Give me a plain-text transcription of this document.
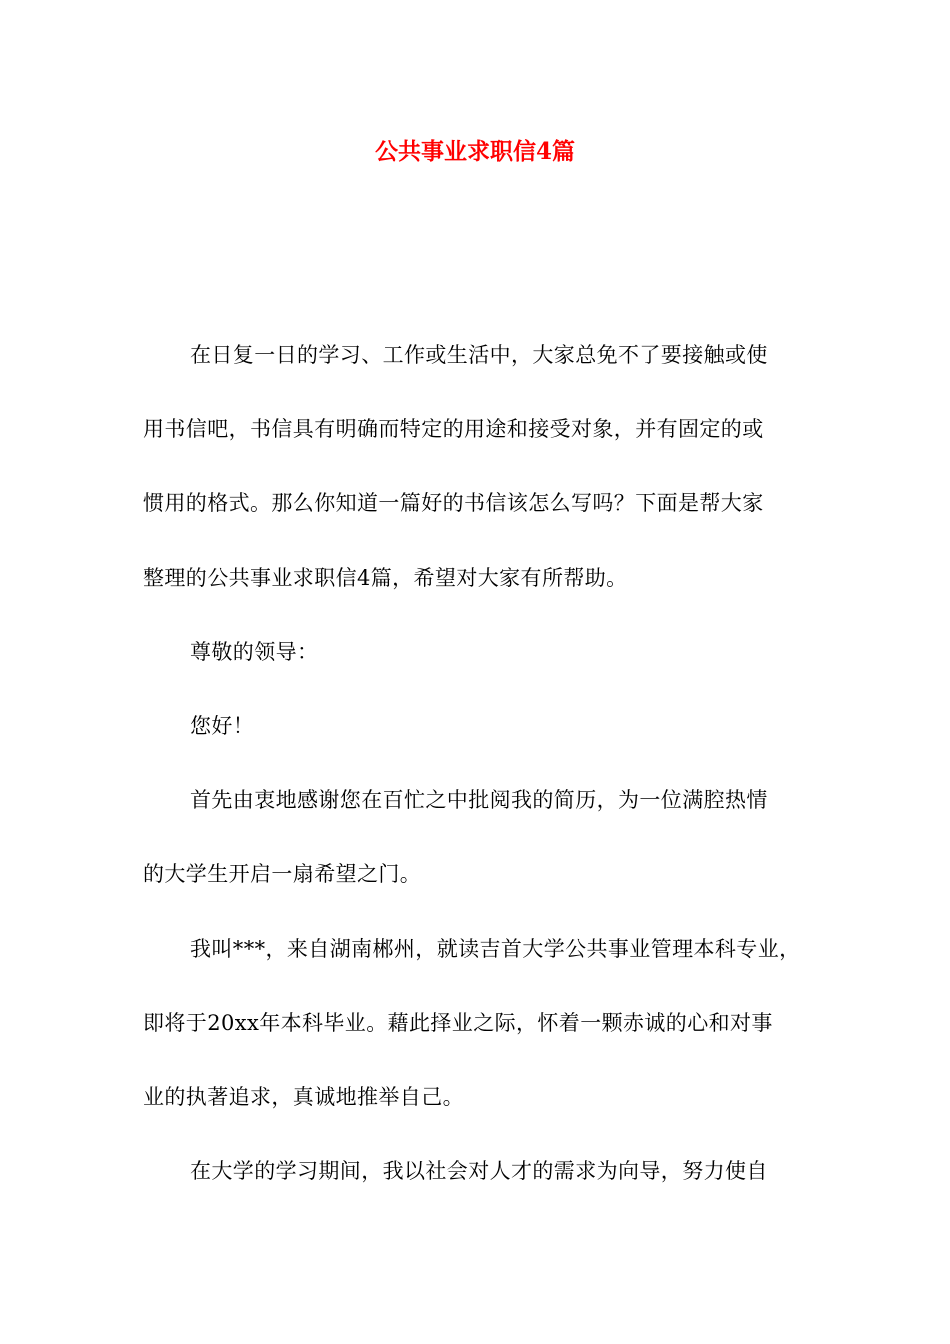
公共事业求职信4篇

在日复一日的学习、工作或生活中，大家总免不了要接触或使
用书信吧，书信具有明确而特定的用途和接受对象，并有固定的或
惯用的格式。那么你知道一篇好的书信该怎么写吗？下面是帮大家
整理的公共事业求职信4篇，希望对大家有所帮助。

尊敬的领导：

您好！

首先由衷地感谢您在百忙之中批阅我的简历，为一位满腔热情
的大学生开启一扇希望之门。

我叫***，来自湖南郴州，就读吉首大学公共事业管理本科专业，
即将于20xx年本科毕业。藉此择业之际，怀着一颗赤诚的心和对事
业的执著追求，真诚地推举自己。

在大学的学习期间，我以社会对人才的需求为向导，努力使自
